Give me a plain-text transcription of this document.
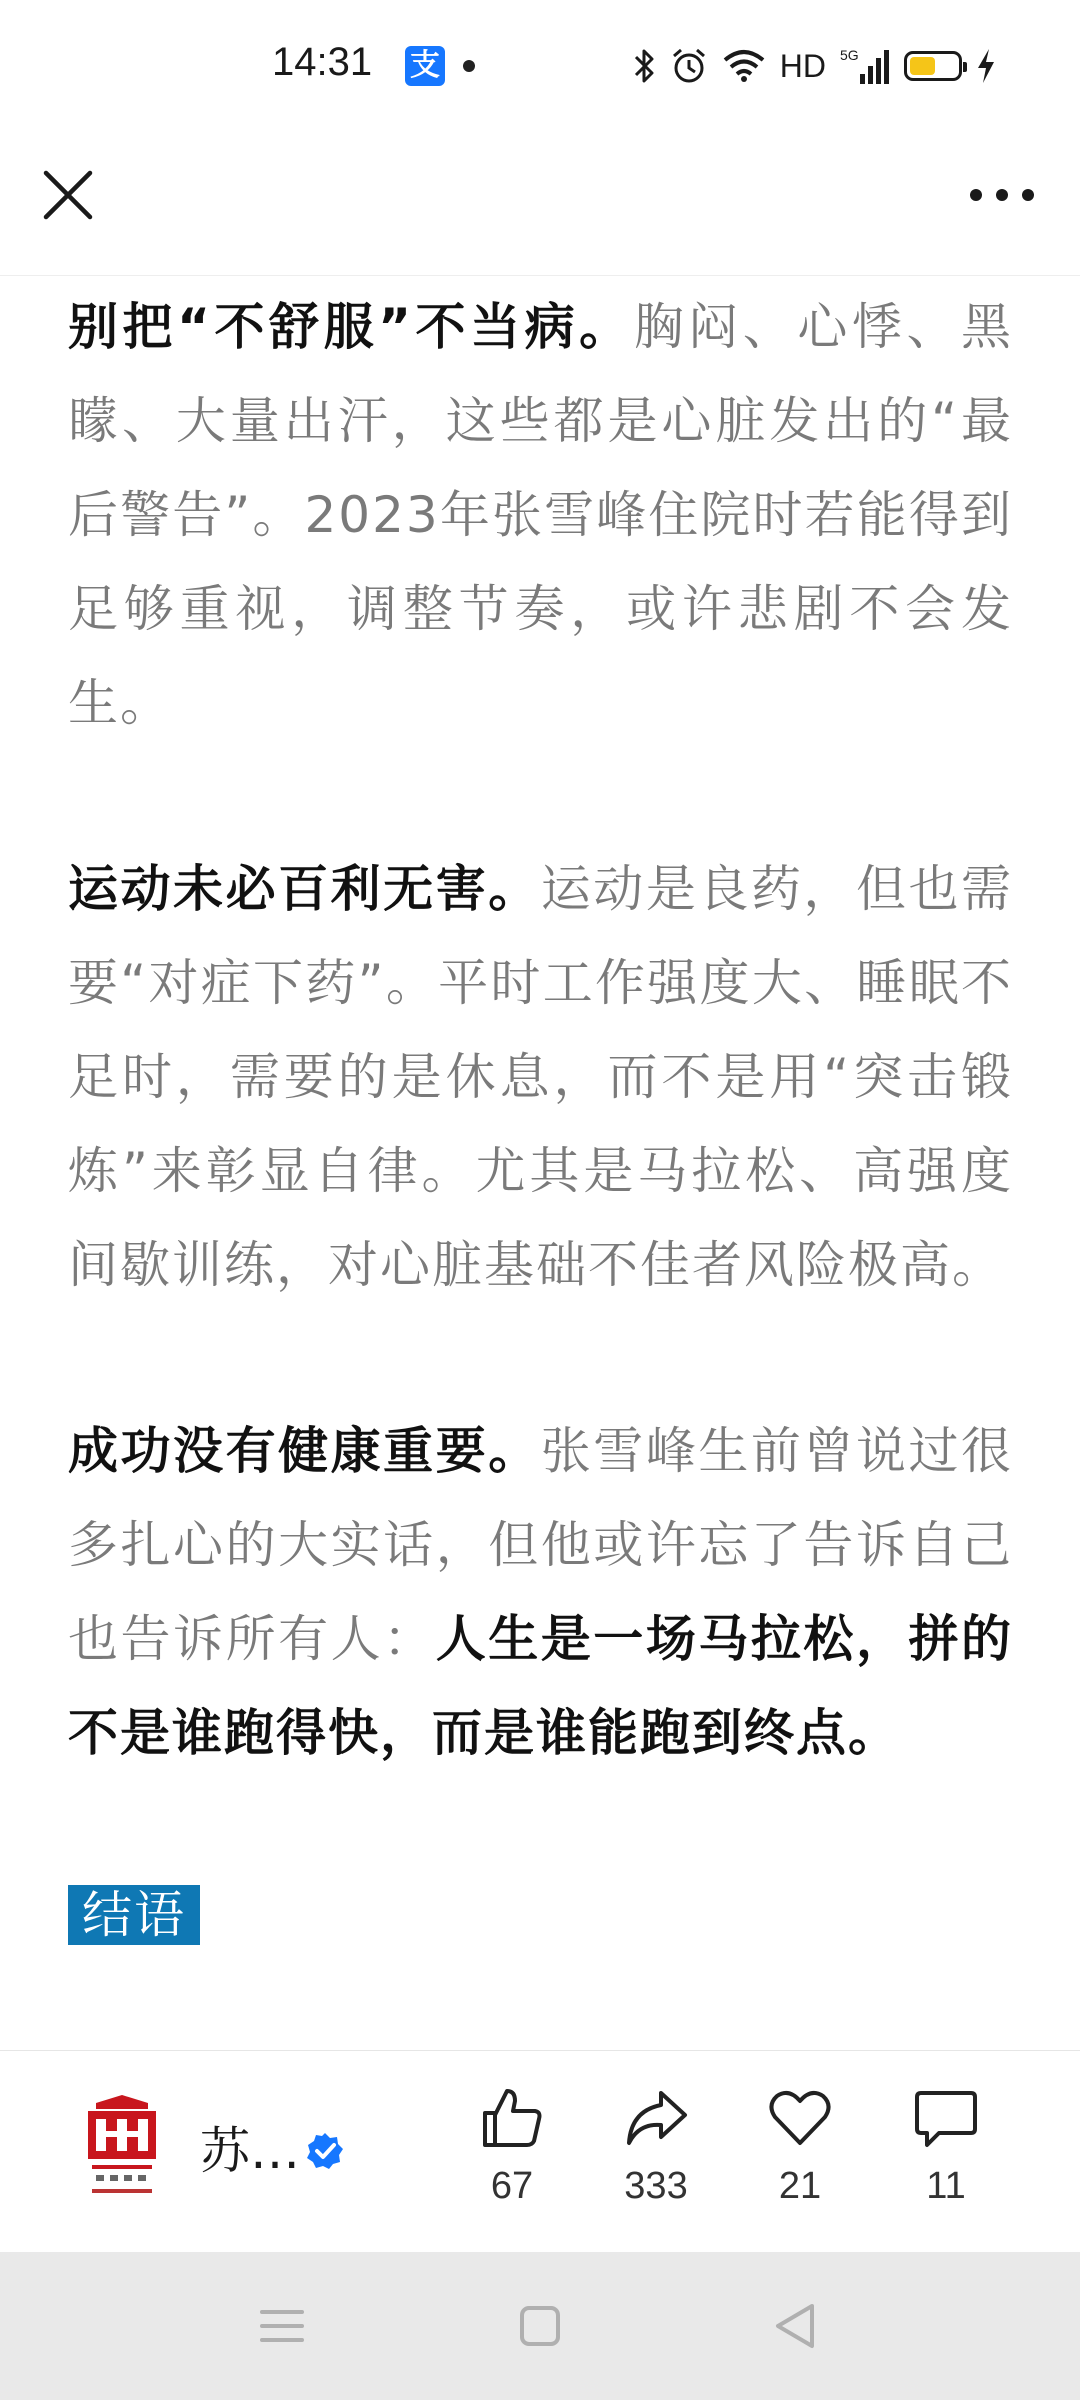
14:31 支	HD 5G

别把“不舒服”不当病。胸闷、心悸、黑矇、大量出汗，这些都是心脏发出的“最后警告”。2023年张雪峰住院时若能得到足够重视，调整节奏，或许悲剧不会发生。

运动未必百利无害。运动是良药，但也需要“对症下药”。平时工作强度大、睡眠不足时，需要的是休息，而不是用“突击锻炼”来彰显自律。尤其是马拉松、高强度间歇训练，对心脏基础不佳者风险极高。

成功没有健康重要。张雪峰生前曾说过很多扎心的大实话，但他或许忘了告诉自己也告诉所有人：人生是一场马拉松，拼的不是谁跑得快，而是谁能跑到终点。

结语
苏…
67	333	21	11
